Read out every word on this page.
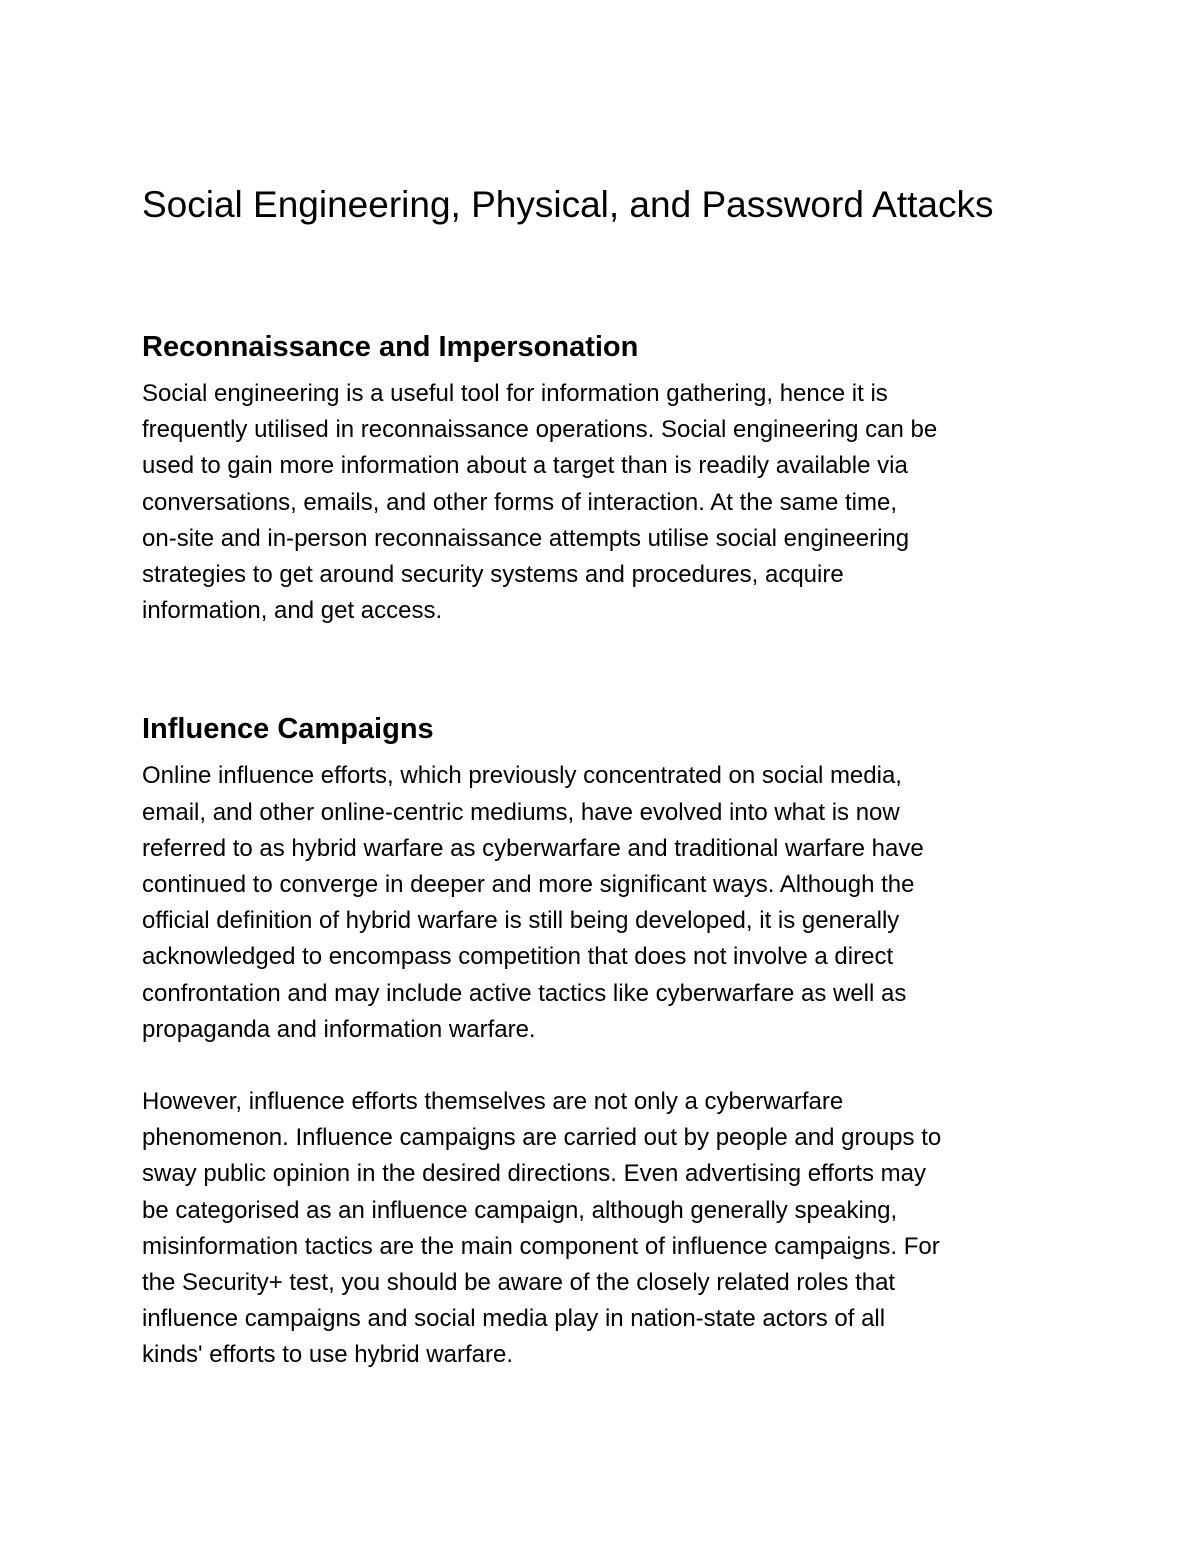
Social Engineering, Physical, and Password Attacks
Reconnaissance and Impersonation

Social engineering is a useful tool for information gathering, hence it is
frequently utilised in reconnaissance operations. Social engineering can be
used to gain more information about a target than is readily available via
conversations, emails, and other forms of interaction. At the same time,
on-site and in-person reconnaissance attempts utilise social engineering
strategies to get around security systems and procedures, acquire
information, and get access.

Influence Campaigns

Online influence efforts, which previously concentrated on social media,
email, and other online-centric mediums, have evolved into what is now
referred to as hybrid warfare as cyberwarfare and traditional warfare have
continued to converge in deeper and more significant ways. Although the
official definition of hybrid warfare is still being developed, it is generally
acknowledged to encompass competition that does not involve a direct
confrontation and may include active tactics like cyberwarfare as well as
propaganda and information warfare.

However, influence efforts themselves are not only a cyberwarfare
phenomenon. Influence campaigns are carried out by people and groups to
sway public opinion in the desired directions. Even advertising efforts may
be categorised as an influence campaign, although generally speaking,
misinformation tactics are the main component of influence campaigns. For
the Security+ test, you should be aware of the closely related roles that
influence campaigns and social media play in nation-state actors of all
kinds' efforts to use hybrid warfare.
